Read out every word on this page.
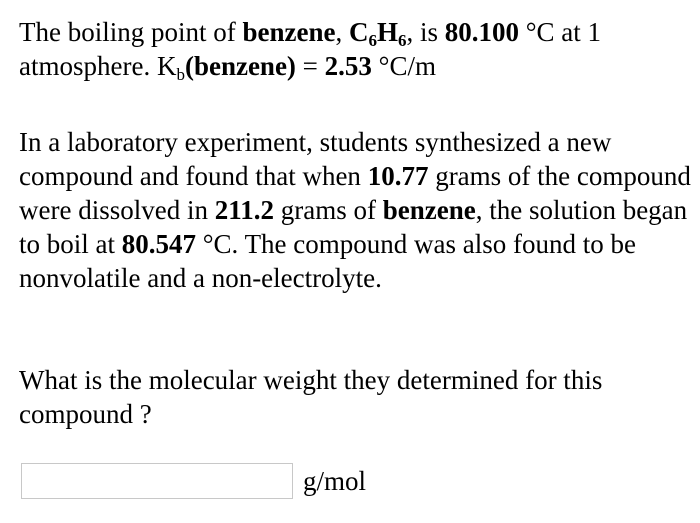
The boiling point of benzene, $C_6H_6$, is 80.100 °C at 1 atmosphere. $K_b(benzene) = 2.53$ °C/m

In a laboratory experiment, students synthesized a new compound and found that when 10.77 grams of the compound were dissolved in 211.2 grams of benzene, the solution began to boil at 80.547 °C. The compound was also found to be nonvolatile and a non-electrolyte.

What is the molecular weight they determined for this compound ?

g/mol
